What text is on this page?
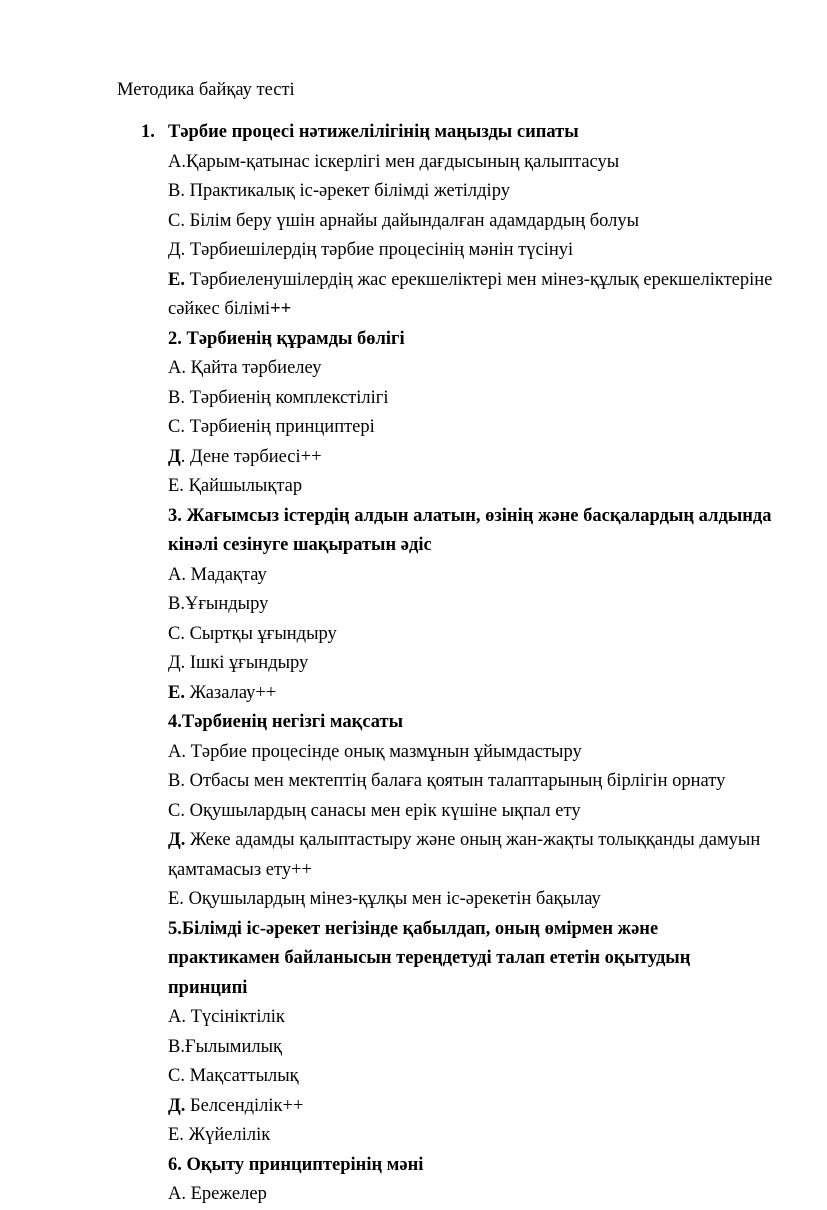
Методика байқау тесті
1. Тәрбие процесі нәтижелілігінің маңызды сипаты
А.Қарым-қатынас іскерлігі мен дағдысының қалыптасуы
В. Практикалық іс-әрекет білімді жетілдіру
С. Білім беру үшін арнайы дайындалған адамдардың болуы
Д. Тәрбиешілердің тәрбие процесінің мәнін түсінуі
Е. Тәрбиеленушілердің жас ерекшеліктері мен мінез-құлық ерекшеліктеріне сәйкес білімі++
2. Тәрбиенің құрамды бөлігі
А. Қайта тәрбиелеу
В. Тәрбиенің комплекстілігі
С. Тәрбиенің принциптері
Д. Дене тәрбиесі++
Е. Қайшылықтар
3. Жағымсыз істердің алдын алатын, өзінің және басқалардың алдында кінәлі сезінуге шақыратын әдіс
А. Мадақтау
В.Ұғындыру
С. Сыртқы ұғындыру
Д. Ішкі ұғындыру
Е. Жазалау++
4.Тәрбиенің негізгі мақсаты
А. Тәрбие процесінде онық мазмұнын ұйымдастыру
В. Отбасы мен мектептің балаға қоятын талаптарының бірлігін орнату
С. Оқушылардың санасы мен ерік күшіне ықпал ету
Д. Жеке адамды қалыптастыру және оның жан-жақты толыққанды дамуын қамтамасыз ету++
Е. Оқушылардың мінез-құлқы мен іс-әрекетін бақылау
5.Білімді іс-әрекет негізінде қабылдап, оның өмірмен және практикамен байланысын тереңдетуді талап ететін оқытудың принципі
А. Түсініктілік
В.Ғылымилық
С. Мақсаттылық
Д. Белсенділік++
Е. Жүйелілік
6. Оқыту принциптерінің мәні
А. Ережелер
